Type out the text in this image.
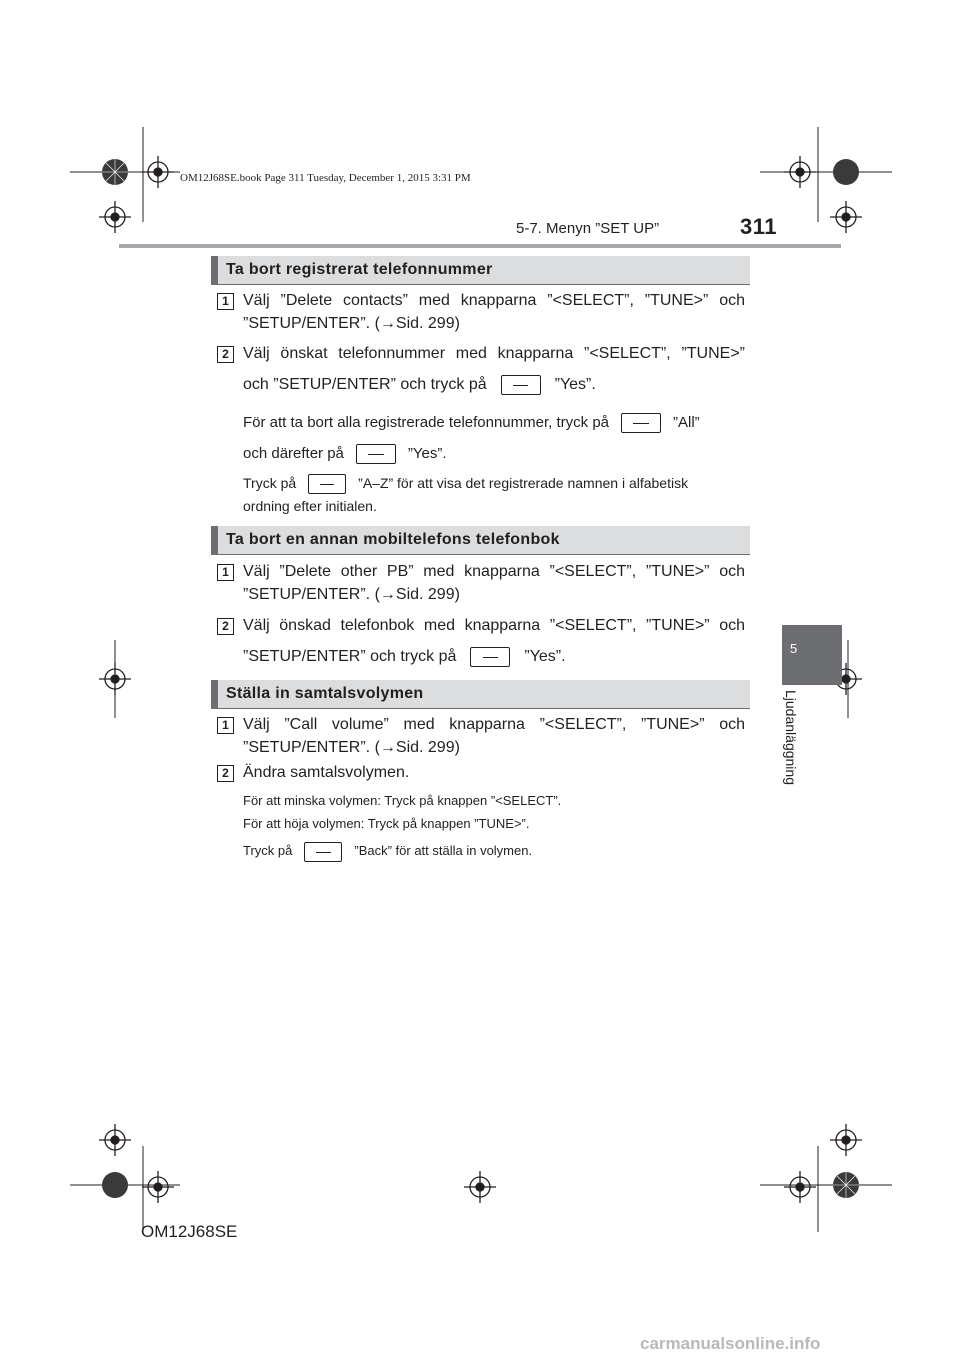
OM12J68SE.book Page 311 Tuesday, December 1, 2015 3:31 PM
5-7. Menyn ”SET UP”	311
5
Ljudanläggning
Ta bort registrerat telefonnummer
1 Välj ”Delete contacts” med knapparna ”<SELECT”, ”TUNE>” och
”SETUP/ENTER”. (→Sid. 299)
2 Välj önskat telefonnummer med knapparna ”<SELECT”, ”TUNE>”
och ”SETUP/ENTER” och tryck på	”Yes”.
För att ta bort alla registrerade telefonnummer, tryck på	”All”
och därefter på	”Yes”.
Tryck på	”A–Z” för att visa det registrerade namnen i alfabetisk
ordning efter initialen.
Ta bort en annan mobiltelefons telefonbok
1 Välj ”Delete other PB” med knapparna ”<SELECT”, ”TUNE>” och
”SETUP/ENTER”. (→Sid. 299)
2 Välj önskad telefonbok med knapparna ”<SELECT”, ”TUNE>” och
”SETUP/ENTER” och tryck på	”Yes”.
Ställa in samtalsvolymen
1 Välj ”Call volume” med knapparna ”<SELECT”, ”TUNE>” och
”SETUP/ENTER”. (→Sid. 299)
2 Ändra samtalsvolymen.
För att minska volymen: Tryck på knappen ”<SELECT”.
För att höja volymen: Tryck på knappen ”TUNE>”.
Tryck på	”Back” för att ställa in volymen.
OM12J68SE
carmanualsonline.info
